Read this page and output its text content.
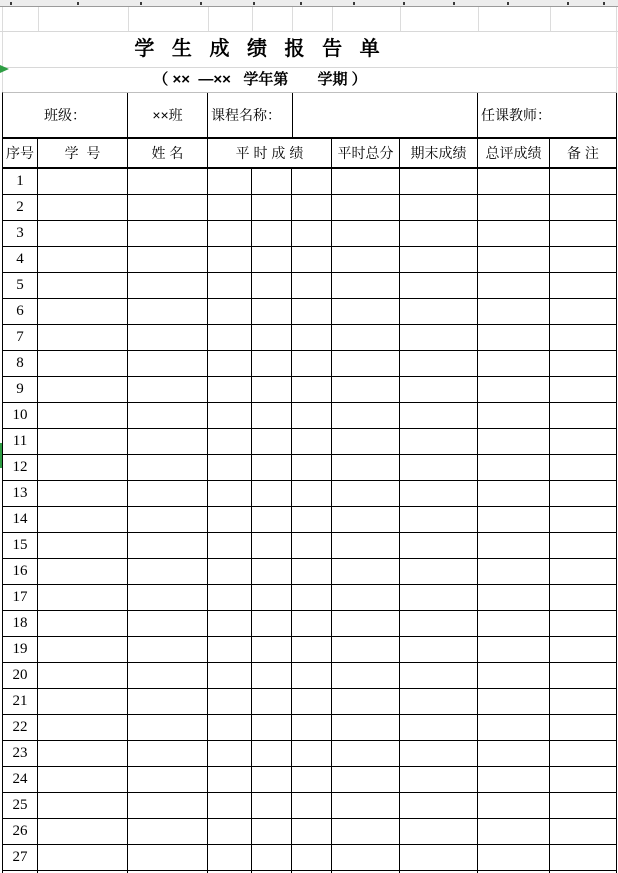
学 生 成 绩 报 告 单
（ ××  —××   学年第       学期 ）
班级：	××班	课程名称：	任课教师：
序号	学  号	姓 名	平 时 成 绩	平时总分	期末成绩	总评成绩	备 注
1
2
3
4
5
6
7
8
9
10
11
12
13
14
15
16
17
18
19
20
21
22
23
24
25
26
27
